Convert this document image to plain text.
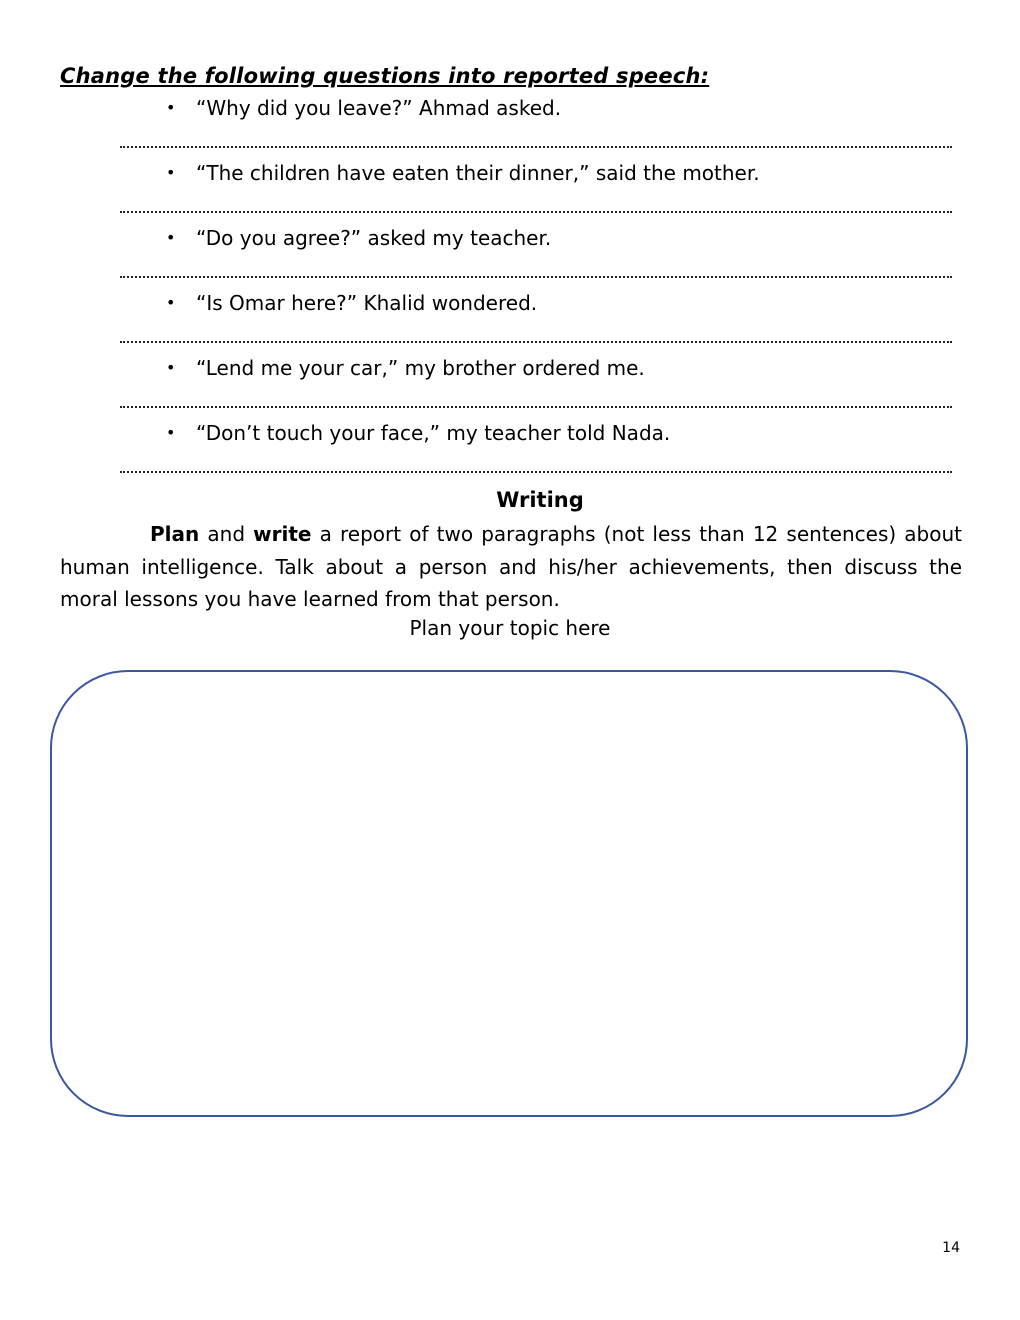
Change the following questions into reported speech:
• “Why did you leave?” Ahmad asked.
• “The children have eaten their dinner,” said the mother.
• “Do you agree?” asked my teacher.
• “Is Omar here?” Khalid wondered.
• “Lend me your car,” my brother ordered me.
• “Don’t touch your face,” my teacher told Nada.
Writing
Plan and write a report of two paragraphs (not less than 12 sentences) about human intelligence. Talk about a person and his/her achievements, then discuss the moral lessons you have learned from that person.
Plan your topic here
14
